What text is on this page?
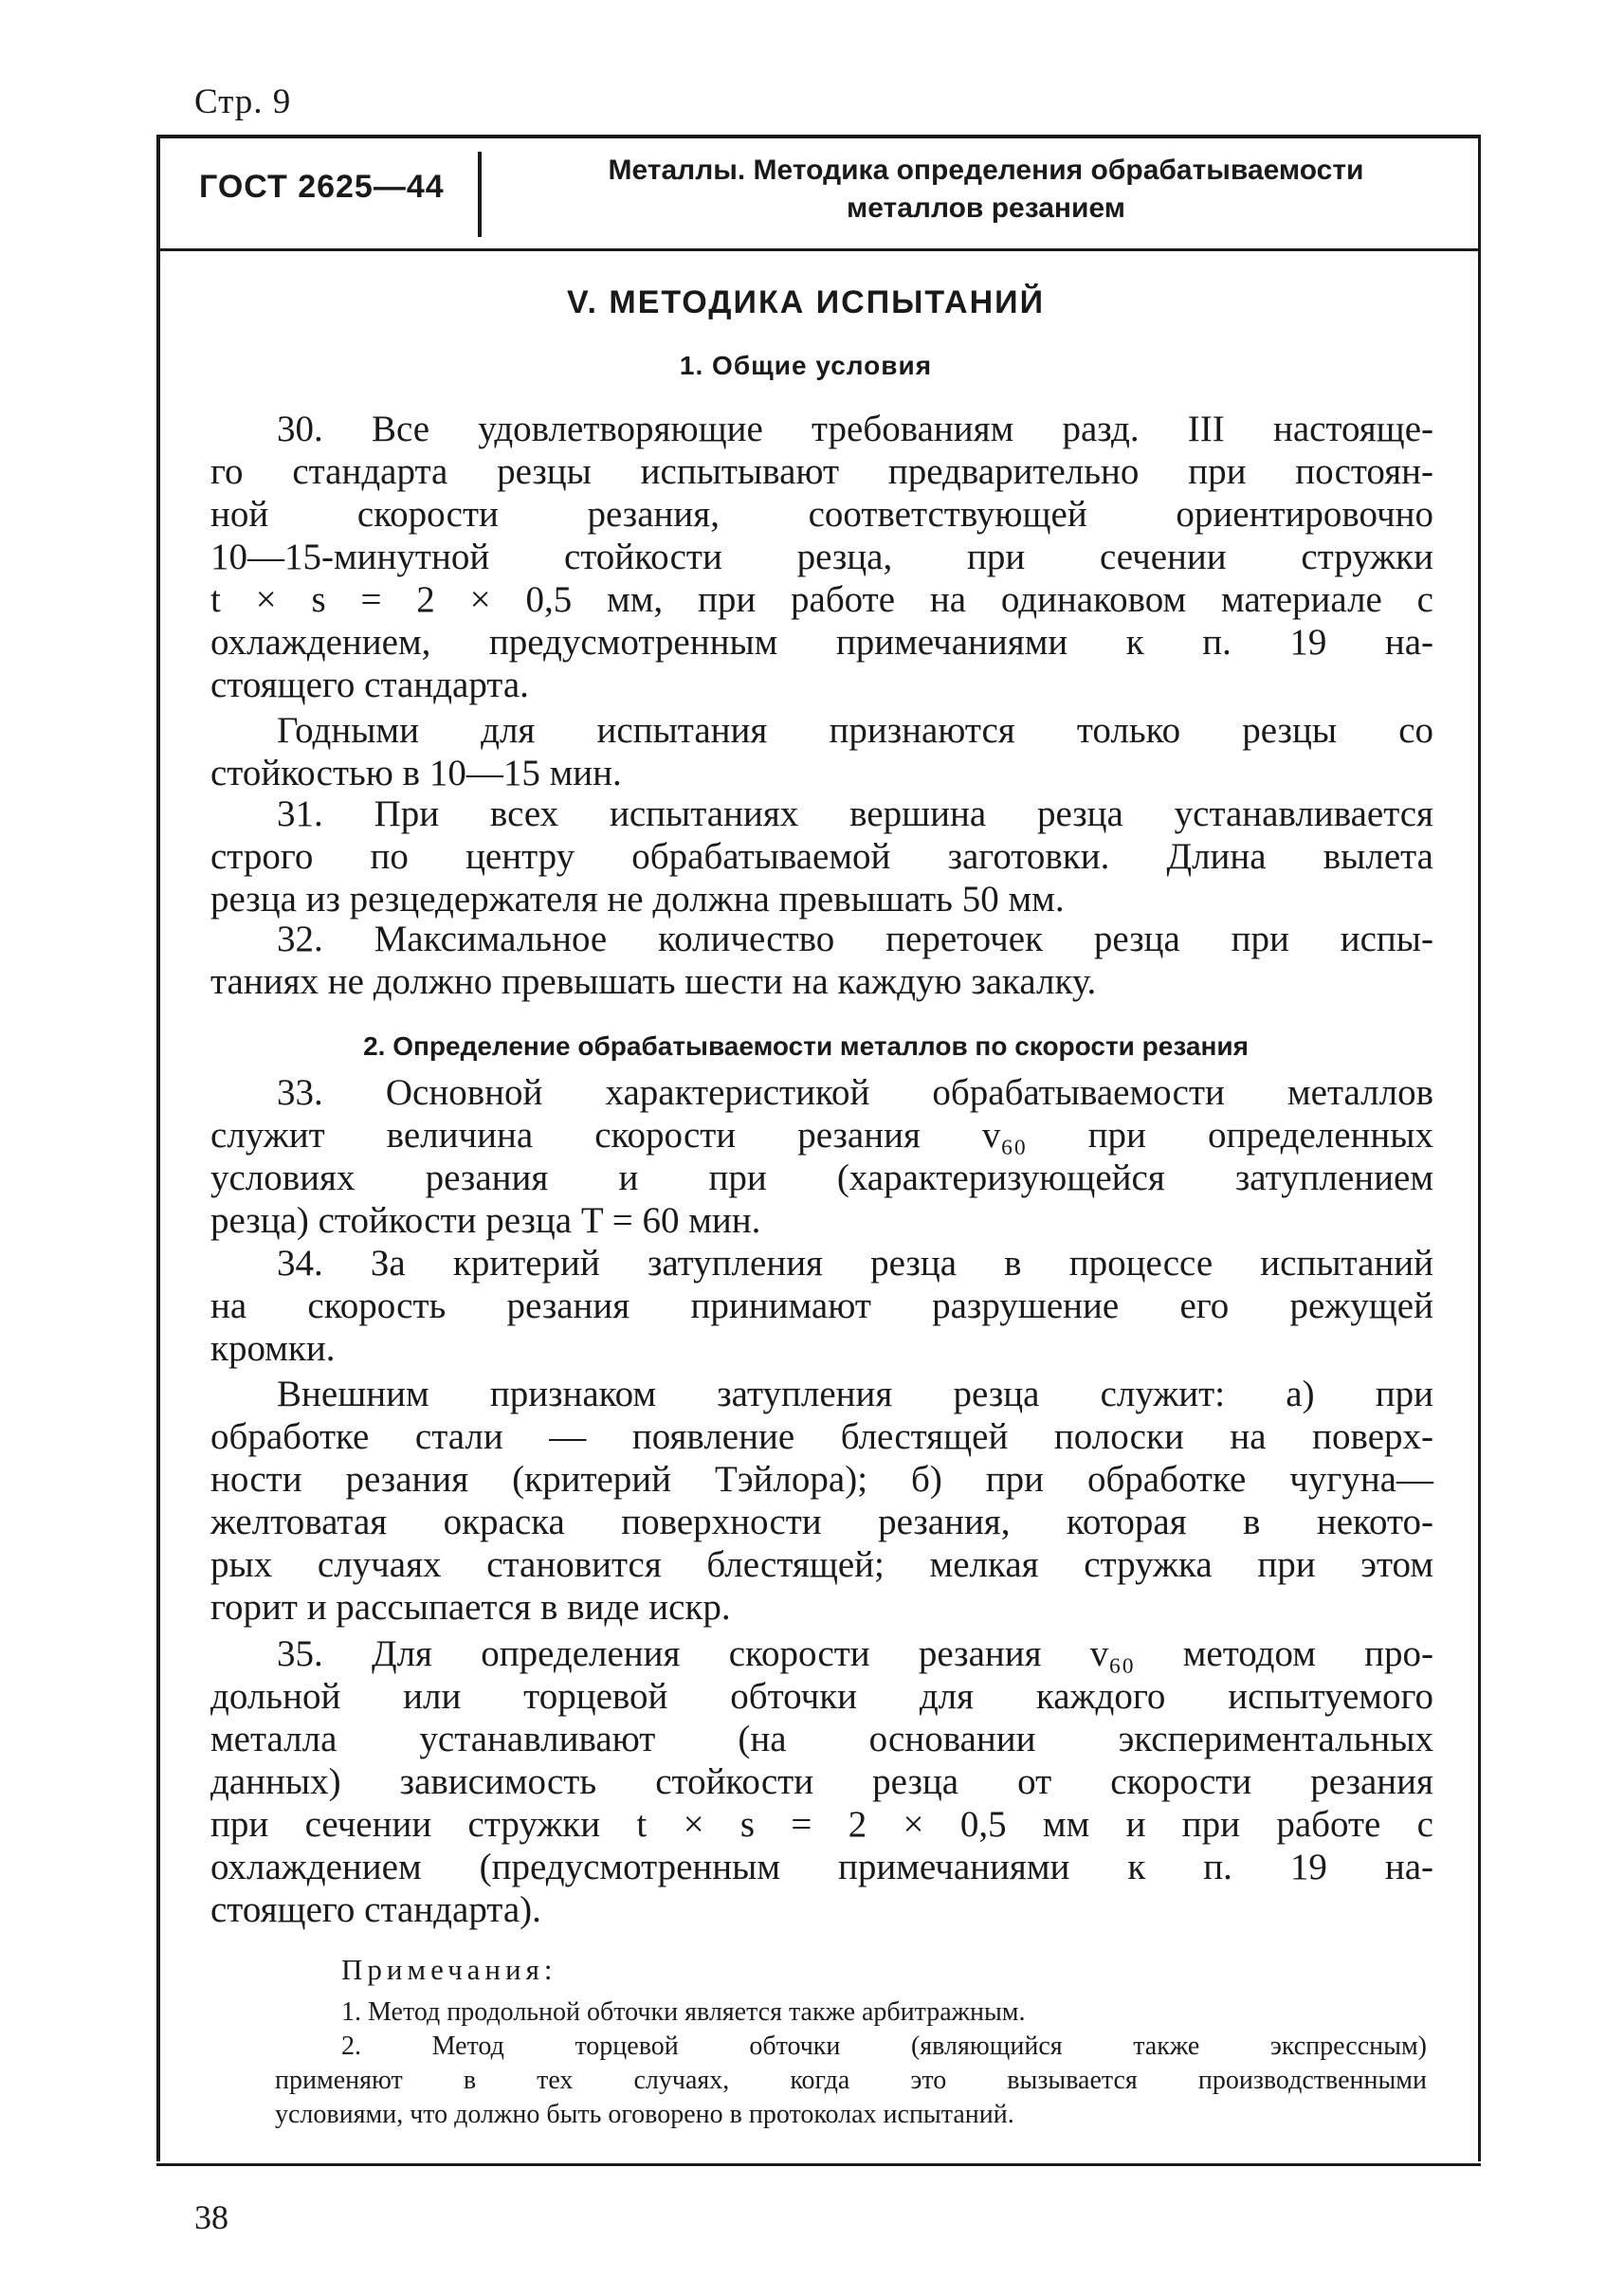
Стр. 9
ГОСТ 2625—44	Металлы. Методика определения обрабатываемости
металлов резанием
V. МЕТОДИКА ИСПЫТАНИЙ
1. Общие условия
30. Все удовлетворяющие требованиям разд. III настояще-
го стандарта резцы испытывают предварительно при постоян-
ной скорости резания, соответствующей ориентировочно
10—15-минутной стойкости резца, при сечении стружки
t × s = 2 × 0,5 мм, при работе на одинаковом материале с
охлаждением, предусмотренным примечаниями к п. 19 на-
стоящего стандарта.
Годными для испытания признаются только резцы со
стойкостью в 10—15 мин.
31. При всех испытаниях вершина резца устанавливается
строго по центру обрабатываемой заготовки. Длина вылета
резца из резцедержателя не должна превышать 50 мм.
32. Максимальное количество переточек резца при испы-
таниях не должно превышать шести на каждую закалку.
2. Определение обрабатываемости металлов по скорости резания
33. Основной характеристикой обрабатываемости металлов
служит величина скорости резания v₆₀ при определенных
условиях резания и при (характеризующейся затуплением
резца) стойкости резца T = 60 мин.
34. За критерий затупления резца в процессе испытаний
на скорость резания принимают разрушение его режущей
кромки.
Внешним признаком затупления резца служит: а) при
обработке стали — появление блестящей полоски на поверх-
ности резания (критерий Тэйлора); б) при обработке чугуна—
желтоватая окраска поверхности резания, которая в некото-
рых случаях становится блестящей; мелкая стружка при этом
горит и рассыпается в виде искр.
35. Для определения скорости резания v₆₀ методом про-
дольной или торцевой обточки для каждого испытуемого
металла устанавливают (на основании экспериментальных
данных) зависимость стойкости резца от скорости резания
при сечении стружки t × s = 2 × 0,5 мм и при работе с
охлаждением (предусмотренным примечаниями к п. 19 на-
стоящего стандарта).
Примечания:
1. Метод продольной обточки является также арбитражным.
2. Метод торцевой обточки (являющийся также экспрессным)
применяют в тех случаях, когда это вызывается производственными
условиями, что должно быть оговорено в протоколах испытаний.
38
